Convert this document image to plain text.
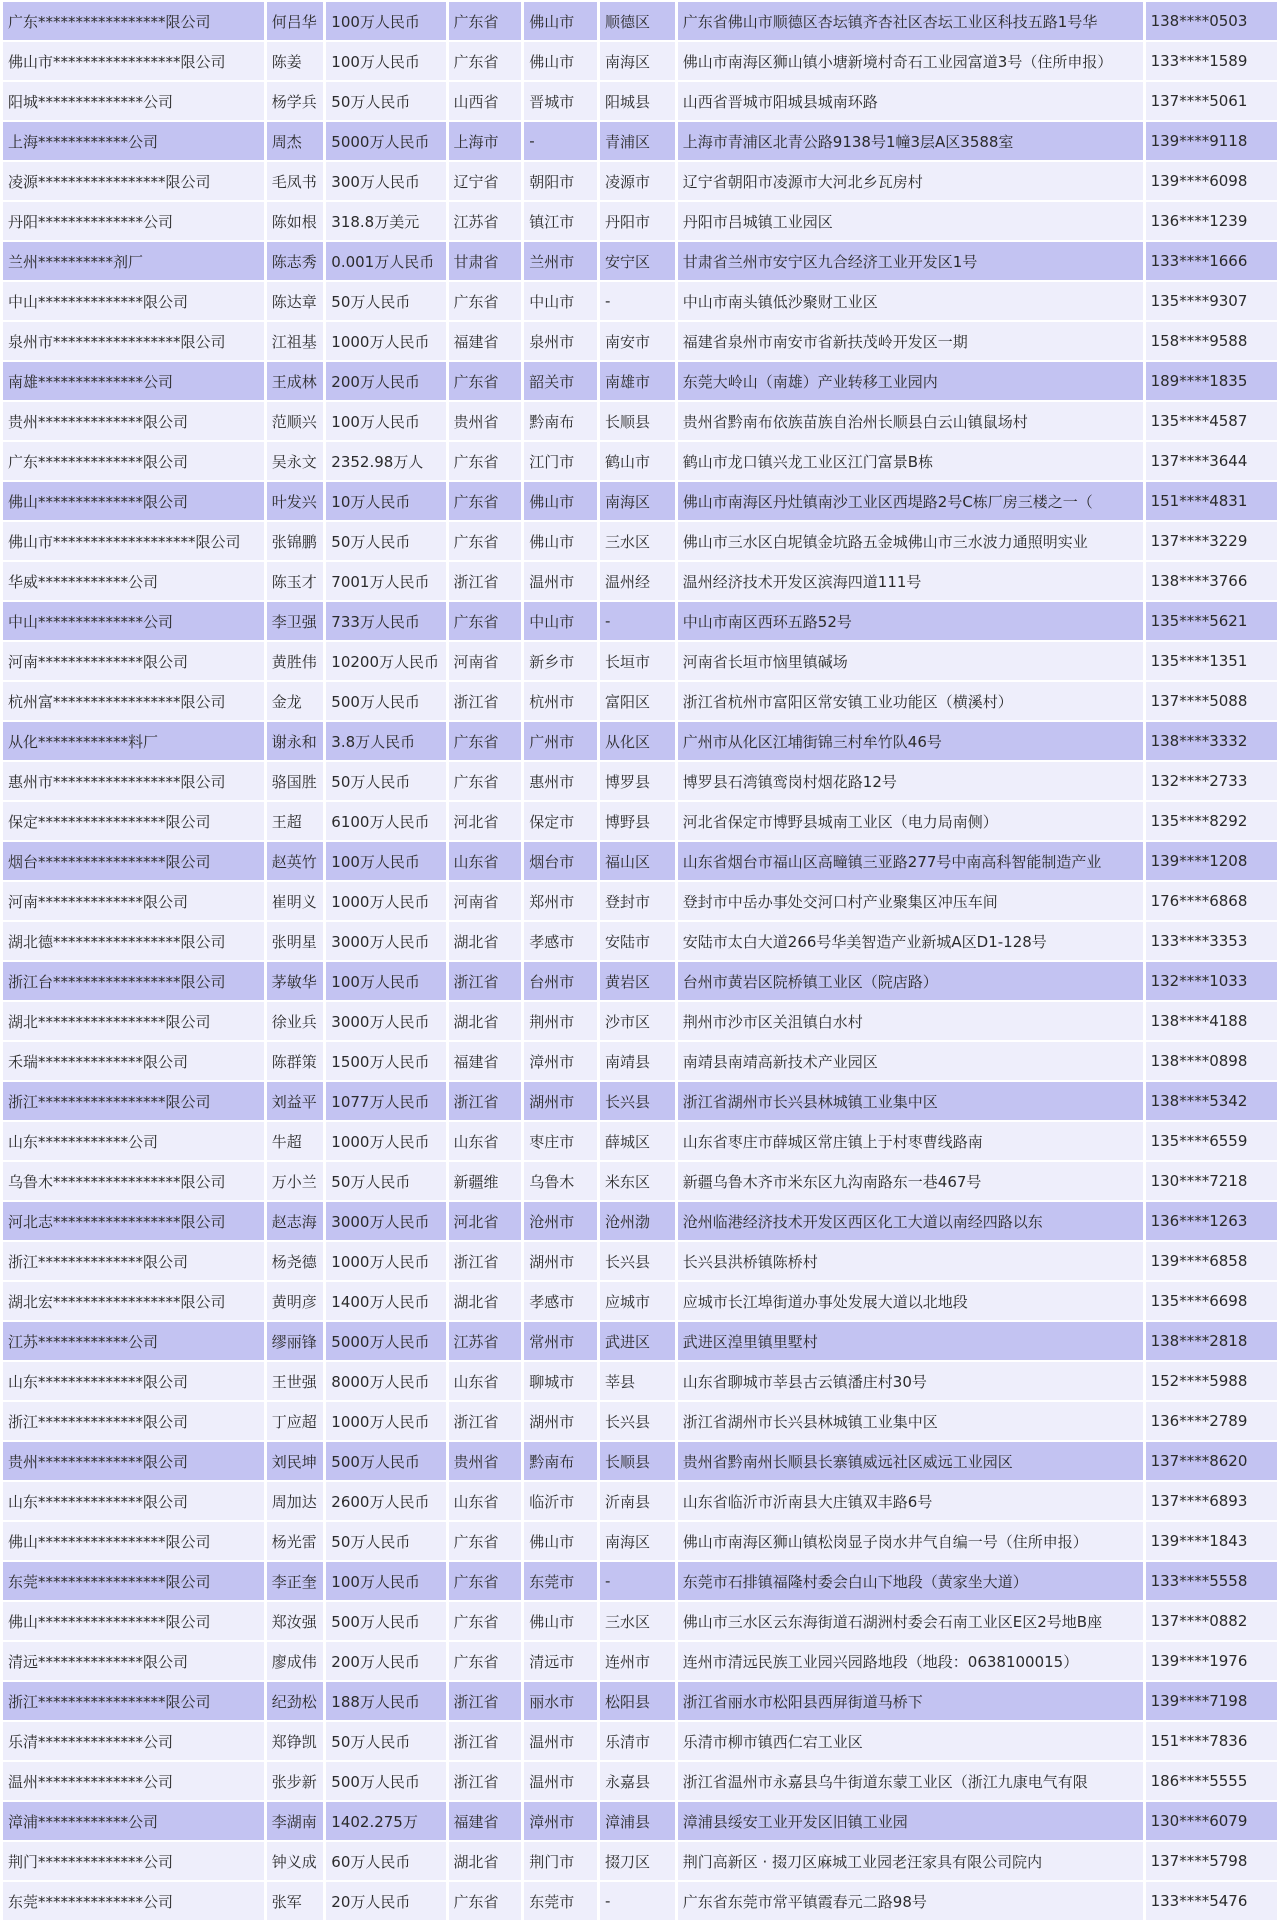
广东*****************限公司	何吕华	100万人民币	广东省	佛山市	顺德区	广东省佛山市顺德区杏坛镇齐杏社区杏坛工业区科技五路1号华	138****0503
佛山市*****************限公司	陈姜	100万人民币	广东省	佛山市	南海区	佛山市南海区狮山镇小塘新境村奇石工业园富道3号（住所申报）	133****1589
阳城**************公司	杨学兵	50万人民币	山西省	晋城市	阳城县	山西省晋城市阳城县城南环路	137****5061
上海************公司	周杰	5000万人民币	上海市	-	青浦区	上海市青浦区北青公路9138号1幢3层A区3588室	139****9118
凌源*****************限公司	毛凤书	300万人民币	辽宁省	朝阳市	凌源市	辽宁省朝阳市凌源市大河北乡瓦房村	139****6098
丹阳**************公司	陈如根	318.8万美元	江苏省	镇江市	丹阳市	丹阳市吕城镇工业园区	136****1239
兰州**********剂厂	陈志秀	0.001万人民币	甘肃省	兰州市	安宁区	甘肃省兰州市安宁区九合经济工业开发区1号	133****1666
中山**************限公司	陈达章	50万人民币	广东省	中山市	-	中山市南头镇低沙聚财工业区	135****9307
泉州市*****************限公司	江祖基	1000万人民币	福建省	泉州市	南安市	福建省泉州市南安市省新扶茂岭开发区一期	158****9588
南雄**************公司	王成林	200万人民币	广东省	韶关市	南雄市	东莞大岭山（南雄）产业转移工业园内	189****1835
贵州**************限公司	范顺兴	100万人民币	贵州省	黔南布	长顺县	贵州省黔南布依族苗族自治州长顺县白云山镇鼠场村	135****4587
广东**************限公司	吴永文	2352.98万人	广东省	江门市	鹤山市	鹤山市龙口镇兴龙工业区江门富景B栋	137****3644
佛山**************限公司	叶发兴	10万人民币	广东省	佛山市	南海区	佛山市南海区丹灶镇南沙工业区西堤路2号C栋厂房三楼之一（	151****4831
佛山市*******************限公司	张锦鹏	50万人民币	广东省	佛山市	三水区	佛山市三水区白坭镇金坑路五金城佛山市三水波力通照明实业	137****3229
华威************公司	陈玉才	7001万人民币	浙江省	温州市	温州经	温州经济技术开发区滨海四道111号	138****3766
中山**************公司	李卫强	733万人民币	广东省	中山市	-	中山市南区西环五路52号	135****5621
河南**************限公司	黄胜伟	10200万人民币	河南省	新乡市	长垣市	河南省长垣市恼里镇碱场	135****1351
杭州富*****************限公司	金龙	500万人民币	浙江省	杭州市	富阳区	浙江省杭州市富阳区常安镇工业功能区（横溪村）	137****5088
从化************料厂	谢永和	3.8万人民币	广东省	广州市	从化区	广州市从化区江埔街锦三村牟竹队46号	138****3332
惠州市*****************限公司	骆国胜	50万人民币	广东省	惠州市	博罗县	博罗县石湾镇鸾岗村烟花路12号	132****2733
保定*****************限公司	王超	6100万人民币	河北省	保定市	博野县	河北省保定市博野县城南工业区（电力局南侧）	135****8292
烟台*****************限公司	赵英竹	100万人民币	山东省	烟台市	福山区	山东省烟台市福山区高疃镇三亚路277号中南高科智能制造产业	139****1208
河南**************限公司	崔明义	1000万人民币	河南省	郑州市	登封市	登封市中岳办事处交河口村产业聚集区冲压车间	176****6868
湖北德*****************限公司	张明星	3000万人民币	湖北省	孝感市	安陆市	安陆市太白大道266号华美智造产业新城A区D1-128号	133****3353
浙江台*****************限公司	茅敏华	100万人民币	浙江省	台州市	黄岩区	台州市黄岩区院桥镇工业区（院店路）	132****1033
湖北*****************限公司	徐业兵	3000万人民币	湖北省	荆州市	沙市区	荆州市沙市区关沮镇白水村	138****4188
禾瑞**************限公司	陈群策	1500万人民币	福建省	漳州市	南靖县	南靖县南靖高新技术产业园区	138****0898
浙江*****************限公司	刘益平	1077万人民币	浙江省	湖州市	长兴县	浙江省湖州市长兴县林城镇工业集中区	138****5342
山东************公司	牛超	1000万人民币	山东省	枣庄市	薛城区	山东省枣庄市薛城区常庄镇上于村枣曹线路南	135****6559
乌鲁木*****************限公司	万小兰	50万人民币	新疆维	乌鲁木	米东区	新疆乌鲁木齐市米东区九沟南路东一巷467号	130****7218
河北志*****************限公司	赵志海	3000万人民币	河北省	沧州市	沧州渤	沧州临港经济技术开发区西区化工大道以南经四路以东	136****1263
浙江**************限公司	杨尧德	1000万人民币	浙江省	湖州市	长兴县	长兴县洪桥镇陈桥村	139****6858
湖北宏*****************限公司	黄明彦	1400万人民币	湖北省	孝感市	应城市	应城市长江埠街道办事处发展大道以北地段	135****6698
江苏************公司	缪丽锋	5000万人民币	江苏省	常州市	武进区	武进区湟里镇里墅村	138****2818
山东**************限公司	王世强	8000万人民币	山东省	聊城市	莘县	山东省聊城市莘县古云镇潘庄村30号	152****5988
浙江**************限公司	丁应超	1000万人民币	浙江省	湖州市	长兴县	浙江省湖州市长兴县林城镇工业集中区	136****2789
贵州**************限公司	刘民坤	500万人民币	贵州省	黔南布	长顺县	贵州省黔南州长顺县长寨镇威远社区威远工业园区	137****8620
山东**************限公司	周加达	2600万人民币	山东省	临沂市	沂南县	山东省临沂市沂南县大庄镇双丰路6号	137****6893
佛山*****************限公司	杨光雷	50万人民币	广东省	佛山市	南海区	佛山市南海区狮山镇松岗显子岗水井气自编一号（住所申报）	139****1843
东莞*****************限公司	李正奎	100万人民币	广东省	东莞市	-	东莞市石排镇福隆村委会白山下地段（黄家坐大道）	133****5558
佛山*****************限公司	郑汝强	500万人民币	广东省	佛山市	三水区	佛山市三水区云东海街道石湖洲村委会石南工业区E区2号地B座	137****0882
清远**************限公司	廖成伟	200万人民币	广东省	清远市	连州市	连州市清远民族工业园兴园路地段（地段：0638100015）	139****1976
浙江*****************限公司	纪劲松	188万人民币	浙江省	丽水市	松阳县	浙江省丽水市松阳县西屏街道马桥下	139****7198
乐清**************公司	郑铮凯	50万人民币	浙江省	温州市	乐清市	乐清市柳市镇西仁宕工业区	151****7836
温州**************公司	张步新	500万人民币	浙江省	温州市	永嘉县	浙江省温州市永嘉县乌牛街道东蒙工业区（浙江九康电气有限	186****5555
漳浦************公司	李湖南	1402.275万	福建省	漳州市	漳浦县	漳浦县绥安工业开发区旧镇工业园	130****6079
荆门**************公司	钟义成	60万人民币	湖北省	荆门市	掇刀区	荆门高新区 · 掇刀区麻城工业园老汪家具有限公司院内	137****5798
东莞**************公司	张军	20万人民币	广东省	东莞市	-	广东省东莞市常平镇霞春元二路98号	133****5476
